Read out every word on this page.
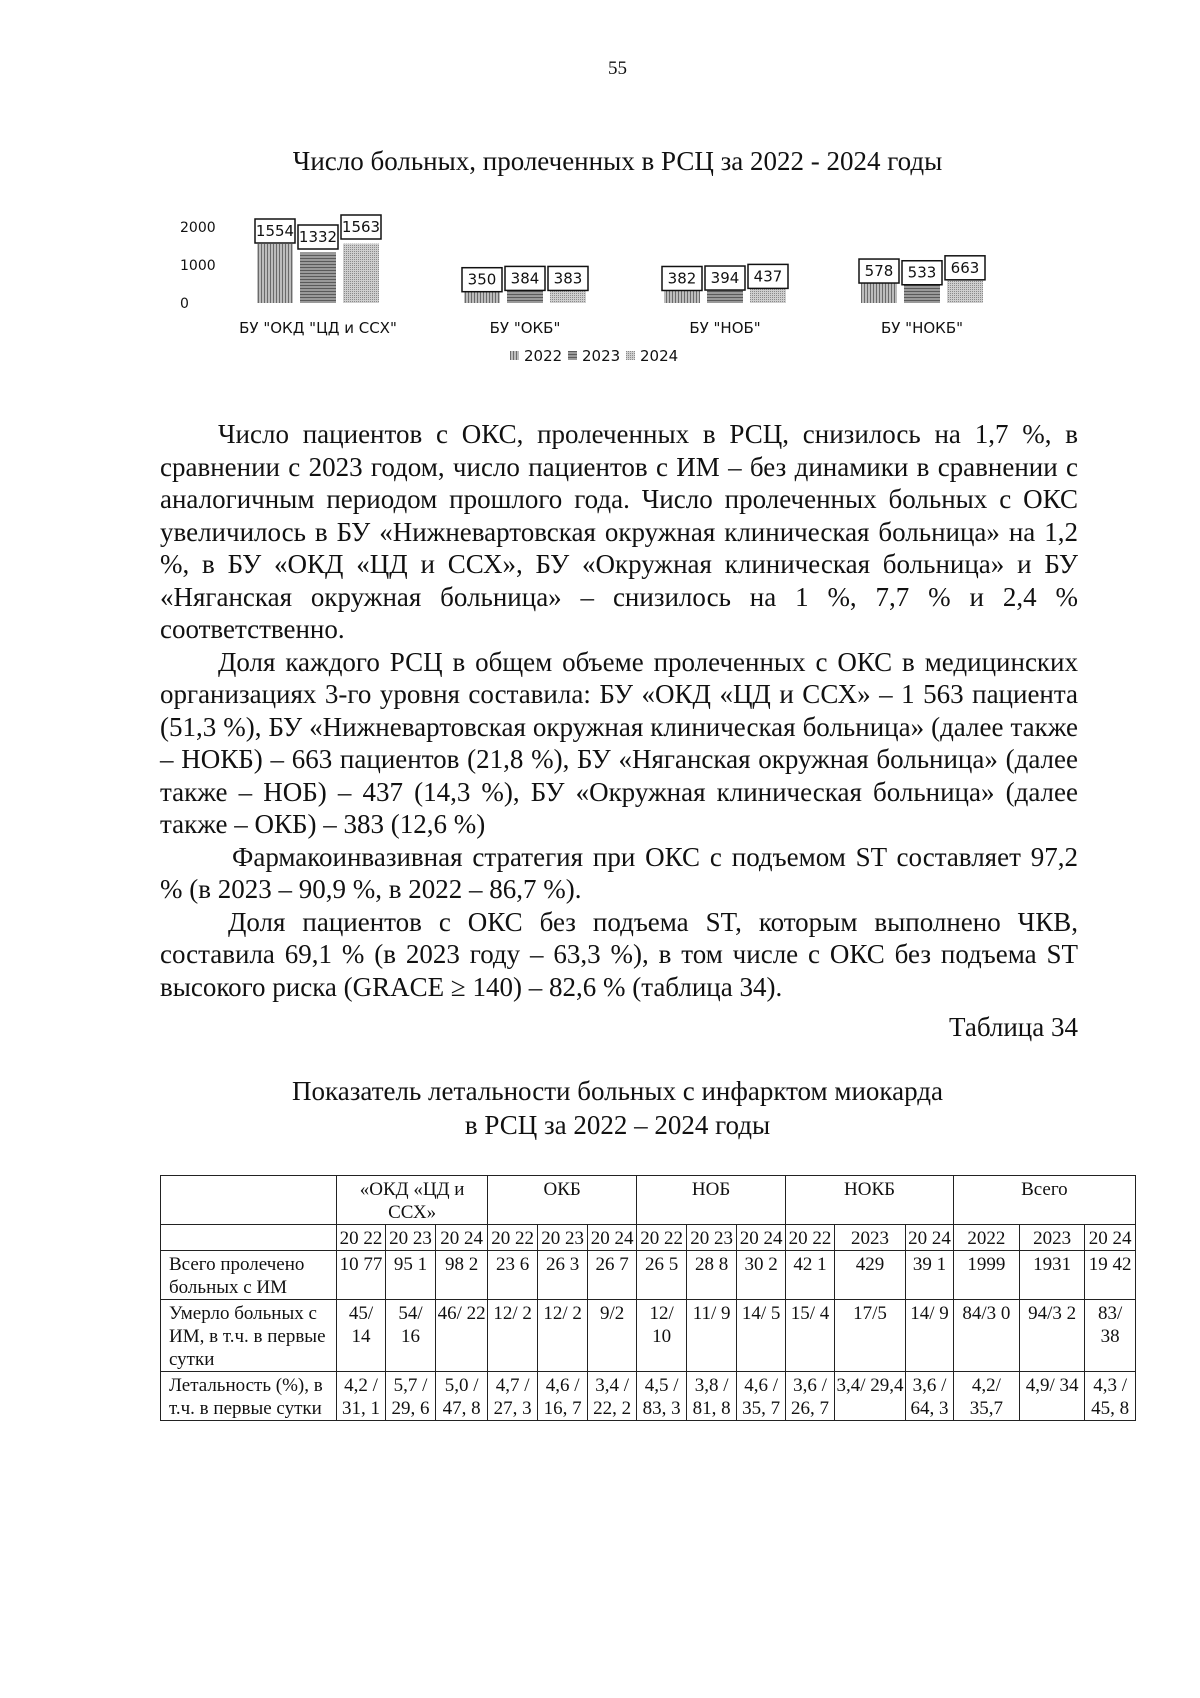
55
Число больных, пролеченных в РСЦ за 2022 - 2024 годы
0
1000
2000	1554 1332
1563
БУ "ОКД "ЦД и ССХ"
350 384 383
БУ "ОКБ"
382 394 437
БУ "НОБ"
578 533 663
БУ "НОКБ"
2022 2023 2024

Число пациентов с ОКС, пролеченных в РСЦ, снизилось на 1,7 %, в сравнении с 2023 годом, число пациентов с ИМ – без динамики в сравнении с аналогичным периодом прошлого года. Число пролеченных больных с ОКС увеличилось в БУ «Нижневартовская окружная клиническая больница» на 1,2 %, в БУ «ОКД «ЦД и ССХ», БУ «Окружная клиническая больница» и БУ «Няганская окружная больница» – снизилось на 1 %, 7,7 % и 2,4 % соответственно.

Доля каждого РСЦ в общем объеме пролеченных с ОКС в медицинских организациях 3-го уровня составила: БУ «ОКД «ЦД и ССХ» – 1 563 пациента (51,3 %), БУ «Нижневартовская окружная клиническая больница» (далее также – НОКБ) – 663 пациентов (21,8 %), БУ «Няганская окружная больница» (далее также – НОБ) – 437 (14,3 %), БУ «Окружная клиническая больница» (далее также – ОКБ) – 383 (12,6 %)

Фармакоинвазивная стратегия при ОКС с подъемом ST составляет 97,2 % (в 2023 – 90,9 %, в 2022 – 86,7 %).

Доля пациентов с ОКС без подъема ST, которым выполнено ЧКВ, составила 69,1 % (в 2023 году – 63,3 %), в том числе с ОКС без подъема ST высокого риска (GRACE ≥ 140) – 82,6 % (таблица 34).

Таблица 34
Показатель летальности больных с инфарктом миокарда
в РСЦ за 2022 – 2024 годы
	«ОКД «ЦД и ССХ»			ОКБ			НОБ			НОКБ			Всего		
	20 22	20 23	20 24	20 22	20 23	20 24	20 22	20 23	20 24	20 22	2023	20 24	2022	2023	20 24
Всего пролечено больных с ИМ	10 77	95 1	98 2	23 6	26 3	26 7	26 5	28 8	30 2	42 1	429	39 1	1999	1931	19 42
Умерло больных с ИМ, в т.ч. в первые сутки	45/ 14	54/ 16	46/ 22	12/ 2	12/ 2	9/2	12/ 10	11/ 9	14/ 5	15/ 4	17/5	14/ 9	84/3 0	94/3 2	83/ 38
Летальность (%), в т.ч. в первые сутки	4,2 / 31, 1	5,7 / 29, 6	5,0 / 47, 8	4,7 / 27, 3	4,6 / 16, 7	3,4 / 22, 2	4,5 / 83, 3	3,8 / 81, 8	4,6 / 35, 7	3,6 / 26, 7	3,4/ 29,4	3,6 / 64, 3	4,2/ 35,7	4,9/ 34	4,3 / 45, 8
